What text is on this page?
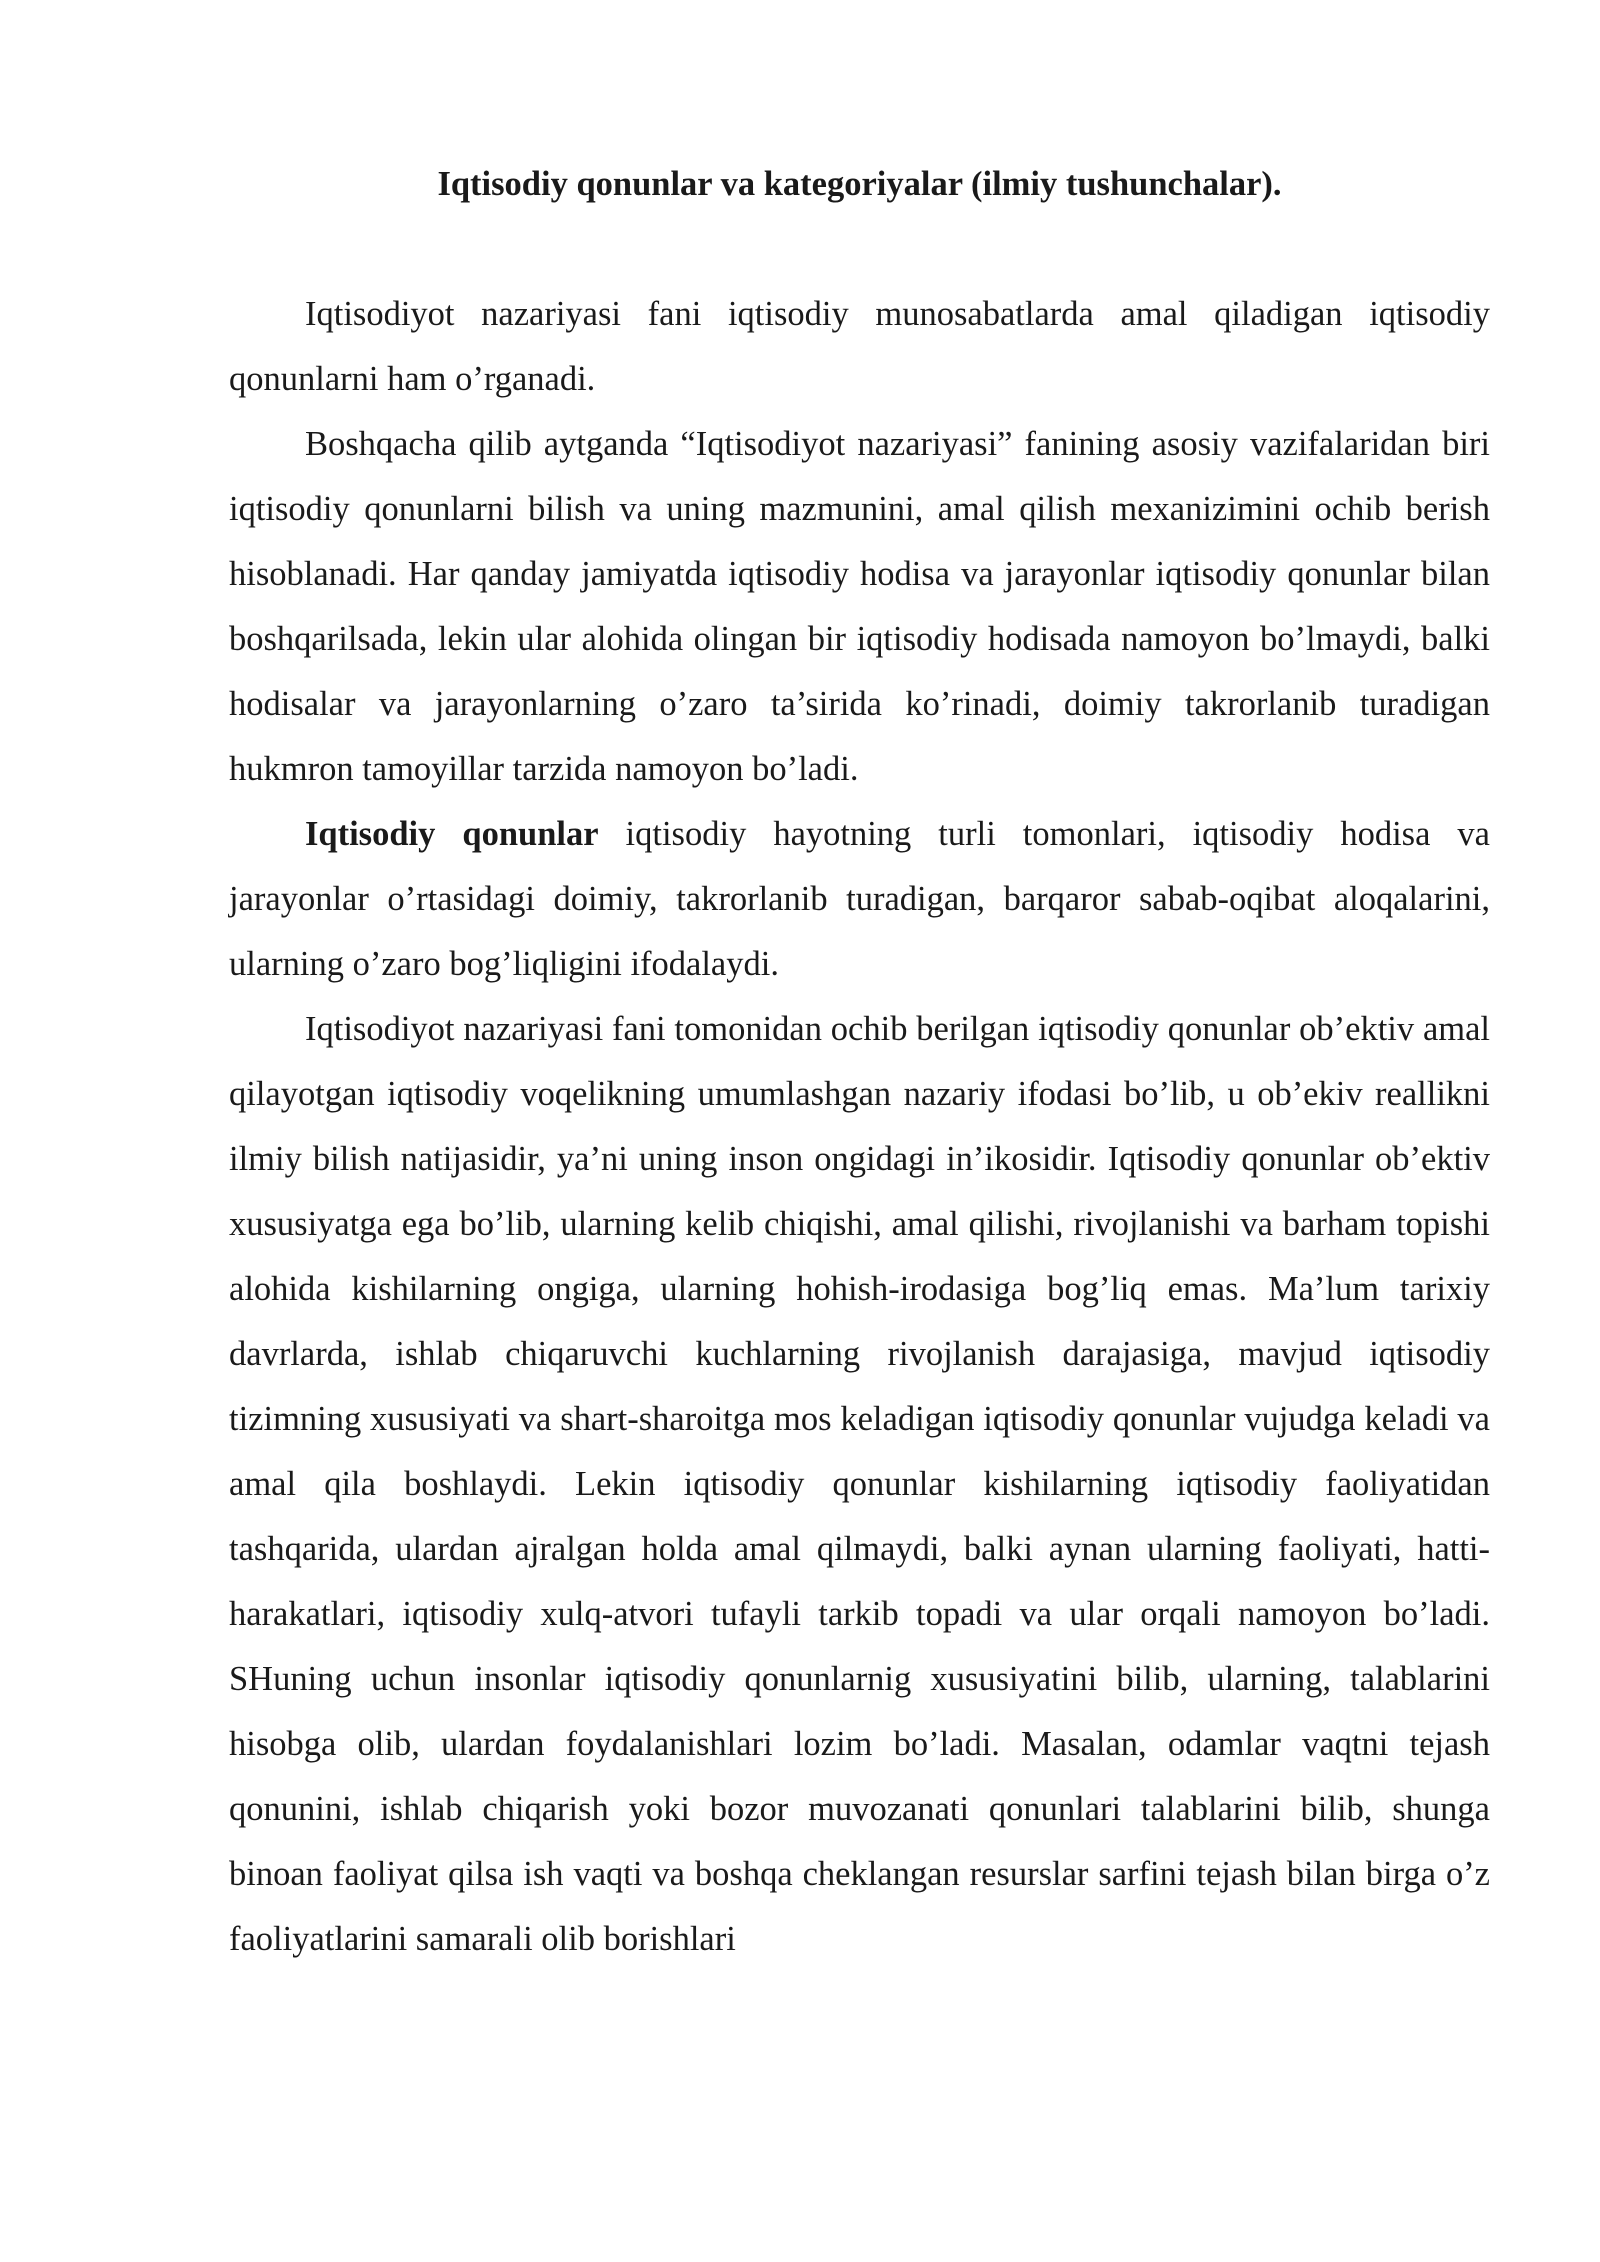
Iqtisodiy qonunlar va kategoriyalar (ilmiy tushunchalar).

Iqtisodiyot nazariyasi fani iqtisodiy munosabatlarda amal qiladigan iqtisodiy qonunlarni ham o’rganadi.

Boshqacha qilib aytganda “Iqtisodiyot nazariyasi” fanining asosiy vazifalaridan biri iqtisodiy qonunlarni bilish va uning mazmunini, amal qilish mexanizimini ochib berish hisoblanadi. Har qanday jamiyatda iqtisodiy hodisa va jarayonlar iqtisodiy qonunlar bilan boshqarilsada, lekin ular alohida olingan bir iqtisodiy hodisada namoyon bo’lmaydi, balki hodisalar va jarayonlarning o’zaro ta’sirida ko’rinadi, doimiy takrorlanib turadigan hukmron tamoyillar tarzida namoyon bo’ladi.

Iqtisodiy qonunlar iqtisodiy hayotning turli tomonlari, iqtisodiy hodisa va jarayonlar o’rtasidagi doimiy, takrorlanib turadigan, barqaror sabab-oqibat aloqalarini, ularning o’zaro bog’liqligini ifodalaydi.

Iqtisodiyot nazariyasi fani tomonidan ochib berilgan iqtisodiy qonunlar ob’ektiv amal qilayotgan iqtisodiy voqelikning umumlashgan nazariy ifodasi bo’lib, u ob’ekiv reallikni ilmiy bilish natijasidir, ya’ni uning inson ongidagi in’ikosidir. Iqtisodiy qonunlar ob’ektiv xususiyatga ega bo’lib, ularning kelib chiqishi, amal qilishi, rivojlanishi va barham topishi alohida kishilarning ongiga, ularning hohish-irodasiga bog’liq emas. Ma’lum tarixiy davrlarda, ishlab chiqaruvchi kuchlarning rivojlanish darajasiga, mavjud iqtisodiy tizimning xususiyati va shart-sharoitga mos keladigan iqtisodiy qonunlar vujudga keladi va amal qila boshlaydi. Lekin iqtisodiy qonunlar kishilarning iqtisodiy faoliyatidan tashqarida, ulardan ajralgan holda amal qilmaydi, balki aynan ularning faoliyati, hatti-harakatlari, iqtisodiy xulq-atvori tufayli tarkib topadi va ular orqali namoyon bo’ladi. SHuning uchun insonlar iqtisodiy qonunlarnig xususiyatini bilib, ularning, talablarini hisobga olib, ulardan foydalanishlari lozim bo’ladi. Masalan, odamlar vaqtni tejash qonunini, ishlab chiqarish yoki bozor muvozanati qonunlari talablarini bilib, shunga binoan faoliyat qilsa ish vaqti va boshqa cheklangan resurslar sarfini tejash bilan birga o’z faoliyatlarini samarali olib borishlari
